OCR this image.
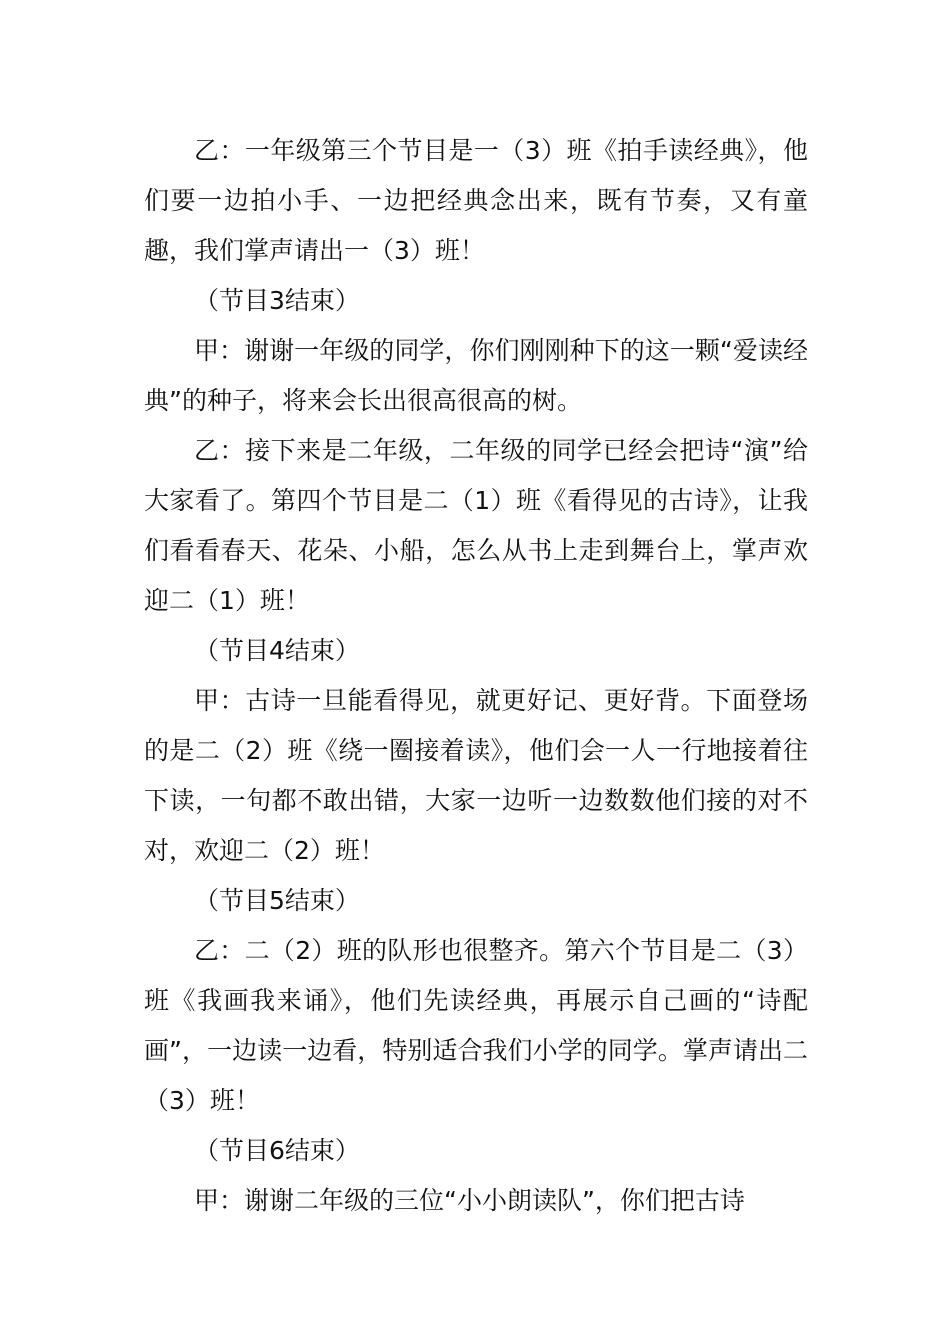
乙：一年级第三个节目是一（3）班《拍手读经典》，他们要一边拍小手、一边把经典念出来，既有节奏，又有童趣，我们掌声请出一（3）班！

（节目3结束）

甲：谢谢一年级的同学，你们刚刚种下的这一颗“爱读经典”的种子，将来会长出很高很高的树。

乙：接下来是二年级，二年级的同学已经会把诗“演”给大家看了。第四个节目是二（1）班《看得见的古诗》，让我们看看春天、花朵、小船，怎么从书上走到舞台上，掌声欢迎二（1）班！

（节目4结束）

甲：古诗一旦能看得见，就更好记、更好背。下面登场的是二（2）班《绕一圈接着读》，他们会一人一行地接着往下读，一句都不敢出错，大家一边听一边数数他们接的对不对，欢迎二（2）班！

（节目5结束）

乙：二（2）班的队形也很整齐。第六个节目是二（3）班《我画我来诵》，他们先读经典，再展示自己画的“诗配画”，一边读一边看，特别适合我们小学的同学。掌声请出二（3）班！

（节目6结束）

甲：谢谢二年级的三位“小小朗读队”，你们把古诗
